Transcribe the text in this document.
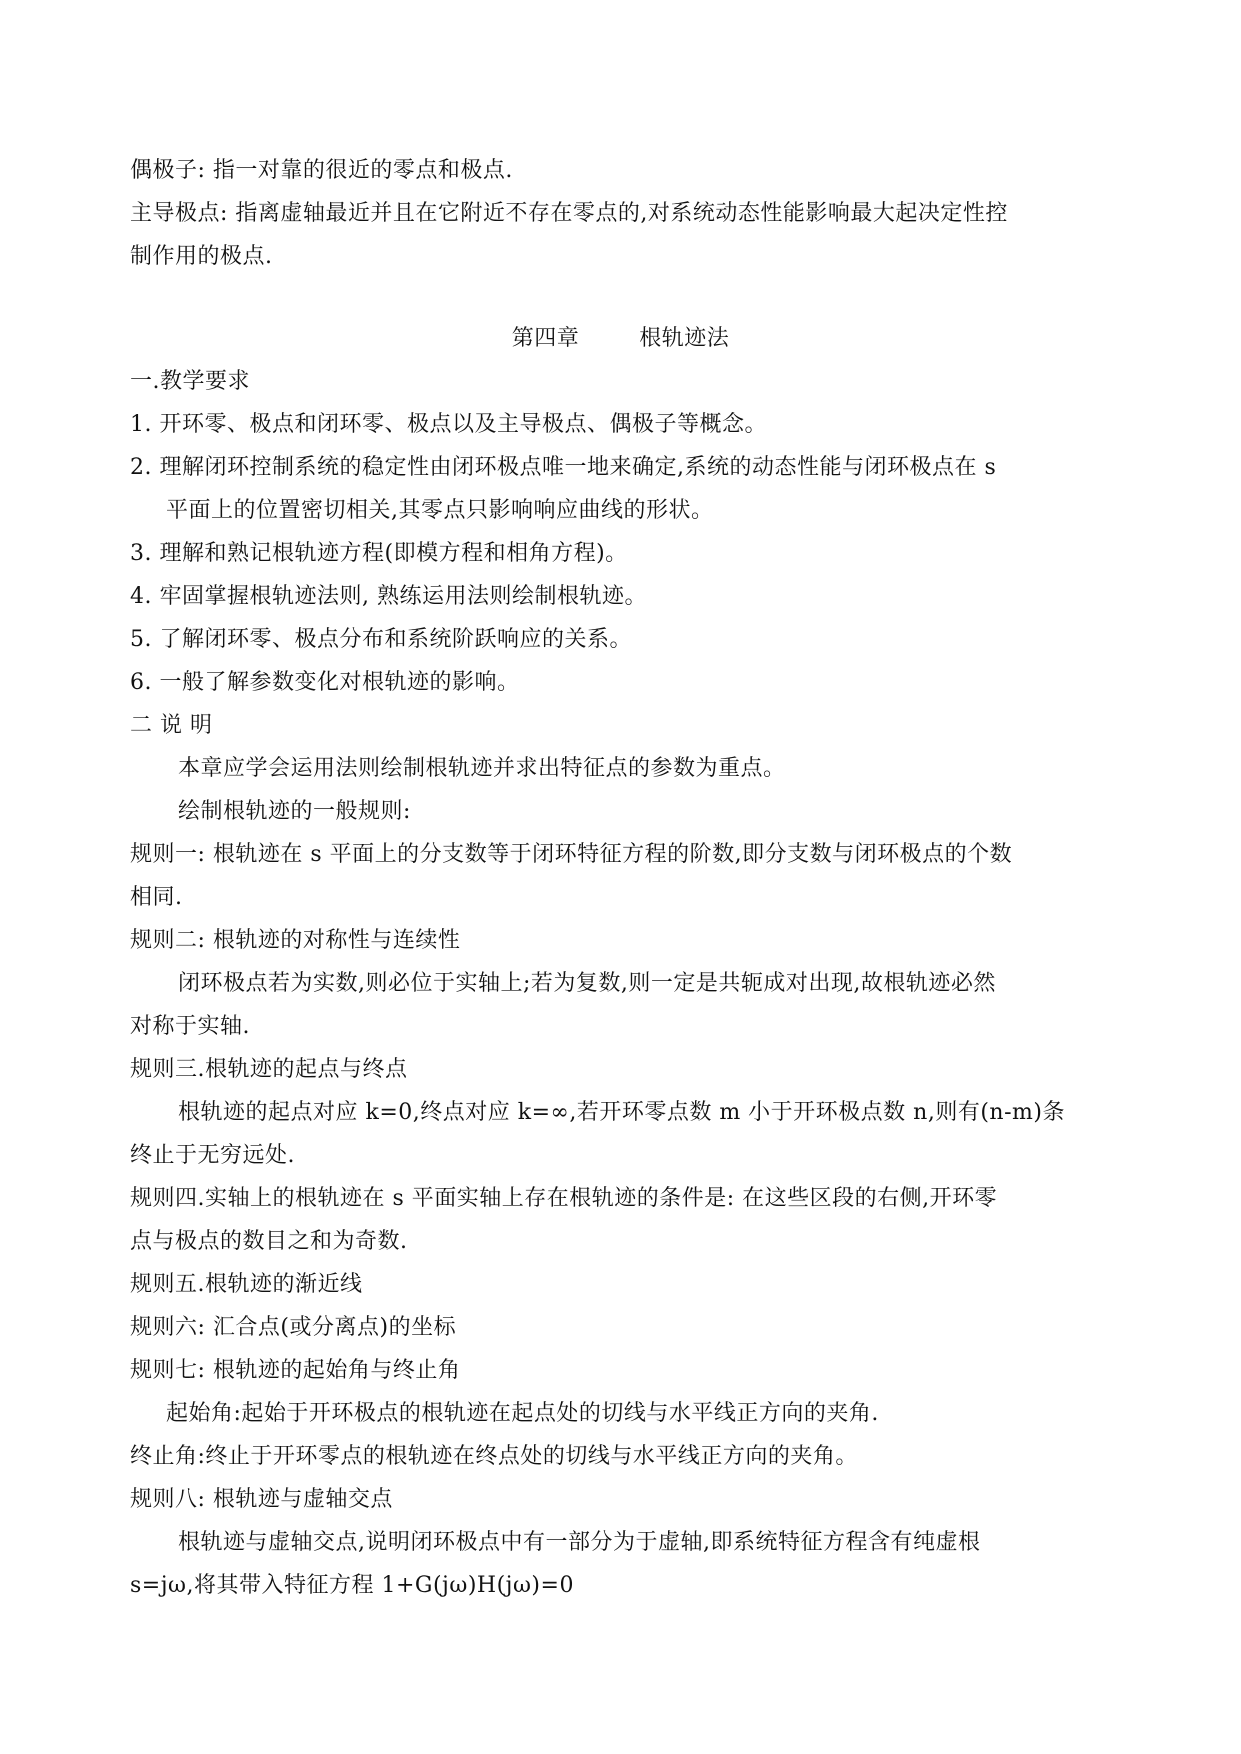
偶极子: 指一对靠的很近的零点和极点.
主导极点: 指离虚轴最近并且在它附近不存在零点的,对系统动态性能影响最大起决定性控
制作用的极点.
第四章        根轨迹法
一.教学要求
1. 开环零、极点和闭环零、极点以及主导极点、偶极子等概念。
2. 理解闭环控制系统的稳定性由闭环极点唯一地来确定,系统的动态性能与闭环极点在 s
平面上的位置密切相关,其零点只影响响应曲线的形状。
3. 理解和熟记根轨迹方程(即模方程和相角方程)。
4. 牢固掌握根轨迹法则, 熟练运用法则绘制根轨迹。
5. 了解闭环零、极点分布和系统阶跃响应的关系。
6. 一般了解参数变化对根轨迹的影响。
二 说 明
本章应学会运用法则绘制根轨迹并求出特征点的参数为重点。
绘制根轨迹的一般规则:
规则一: 根轨迹在 s 平面上的分支数等于闭环特征方程的阶数,即分支数与闭环极点的个数
相同.
规则二: 根轨迹的对称性与连续性
闭环极点若为实数,则必位于实轴上;若为复数,则一定是共轭成对出现,故根轨迹必然
对称于实轴.
规则三.根轨迹的起点与终点
根轨迹的起点对应 k=0,终点对应 k=∞,若开环零点数 m 小于开环极点数 n,则有(n-m)条
终止于无穷远处.
规则四.实轴上的根轨迹在 s 平面实轴上存在根轨迹的条件是: 在这些区段的右侧,开环零
点与极点的数目之和为奇数.
规则五.根轨迹的渐近线
规则六: 汇合点(或分离点)的坐标
规则七: 根轨迹的起始角与终止角
起始角:起始于开环极点的根轨迹在起点处的切线与水平线正方向的夹角.
终止角:终止于开环零点的根轨迹在终点处的切线与水平线正方向的夹角。
规则八: 根轨迹与虚轴交点
根轨迹与虚轴交点,说明闭环极点中有一部分为于虚轴,即系统特征方程含有纯虚根
s=jω,将其带入特征方程 1+G(jω)H(jω)=0
